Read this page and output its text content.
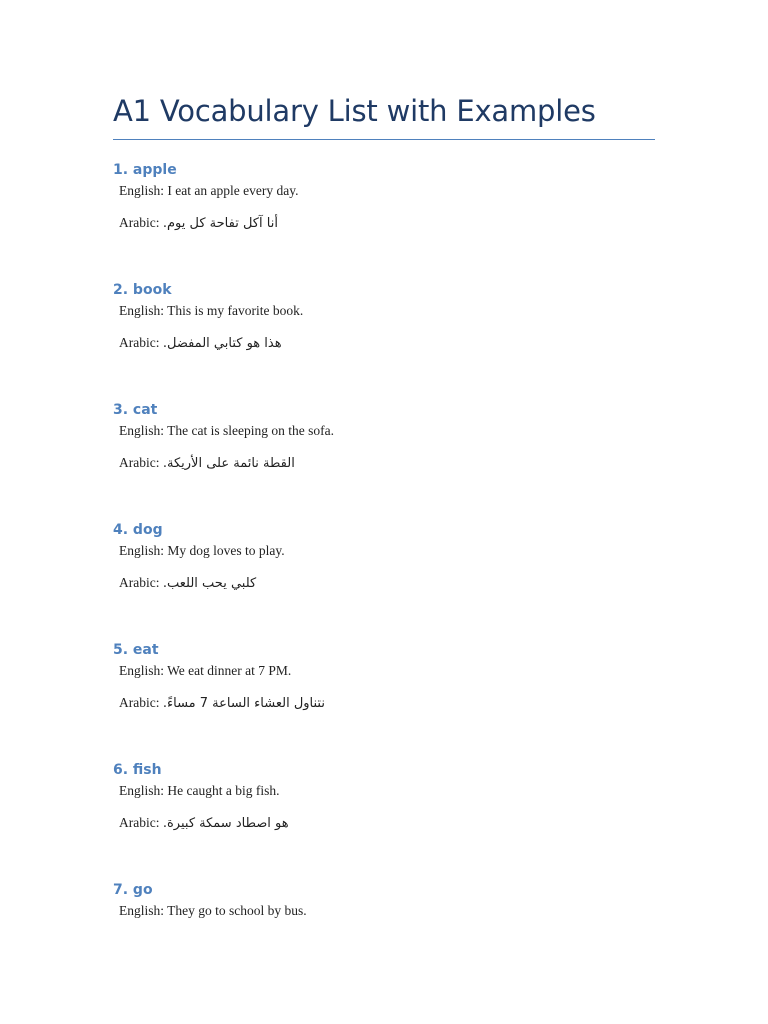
A1 Vocabulary List with Examples
1. apple
English: I eat an apple every day.
Arabic: أنا آكل تفاحة كل يوم.
2. book
English: This is my favorite book.
Arabic: هذا هو كتابي المفضل.
3. cat
English: The cat is sleeping on the sofa.
Arabic: القطة نائمة على الأريكة.
4. dog
English: My dog loves to play.
Arabic: كلبي يحب اللعب.
5. eat
English: We eat dinner at 7 PM.
Arabic: نتناول العشاء الساعة 7 مساءً.
6. fish
English: He caught a big fish.
Arabic: هو اصطاد سمكة كبيرة.
7. go
English: They go to school by bus.
